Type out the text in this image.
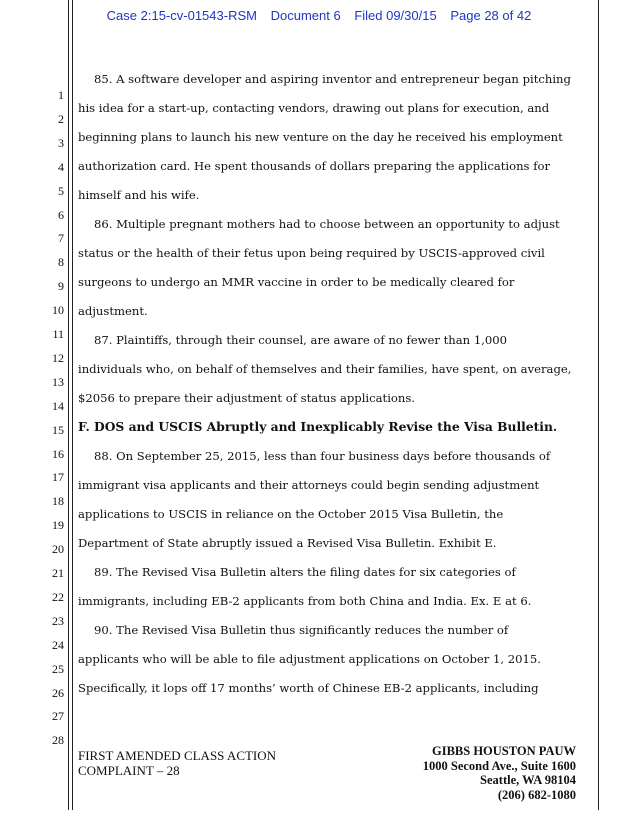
Case 2:15-cv-01543-RSM Document 6 Filed 09/30/15 Page 28 of 42
1
2
3
4
5
6
7
8
9
10
11
12
13
14
15
16
17
18
19
20
21
22
23
24
25
26
27
28
85. A software developer and aspiring inventor and entrepreneur began pitching
his idea for a start-up, contacting vendors, drawing out plans for execution, and
beginning plans to launch his new venture on the day he received his employment
authorization card. He spent thousands of dollars preparing the applications for
himself and his wife.
86. Multiple pregnant mothers had to choose between an opportunity to adjust
status or the health of their fetus upon being required by USCIS-approved civil
surgeons to undergo an MMR vaccine in order to be medically cleared for
adjustment.
87. Plaintiffs, through their counsel, are aware of no fewer than 1,000
individuals who, on behalf of themselves and their families, have spent, on average,
$2056 to prepare their adjustment of status applications.
F. DOS and USCIS Abruptly and Inexplicably Revise the Visa Bulletin.
88. On September 25, 2015, less than four business days before thousands of
immigrant visa applicants and their attorneys could begin sending adjustment
applications to USCIS in reliance on the October 2015 Visa Bulletin, the
Department of State abruptly issued a Revised Visa Bulletin. Exhibit E.
89. The Revised Visa Bulletin alters the filing dates for six categories of
immigrants, including EB-2 applicants from both China and India. Ex. E at 6.
90. The Revised Visa Bulletin thus significantly reduces the number of
applicants who will be able to file adjustment applications on October 1, 2015.
Specifically, it lops off 17 months’ worth of Chinese EB-2 applicants, including
FIRST AMENDED CLASS ACTION
COMPLAINT – 28
GIBBS HOUSTON PAUW
1000 Second Ave., Suite 1600
Seattle, WA 98104
(206) 682-1080
